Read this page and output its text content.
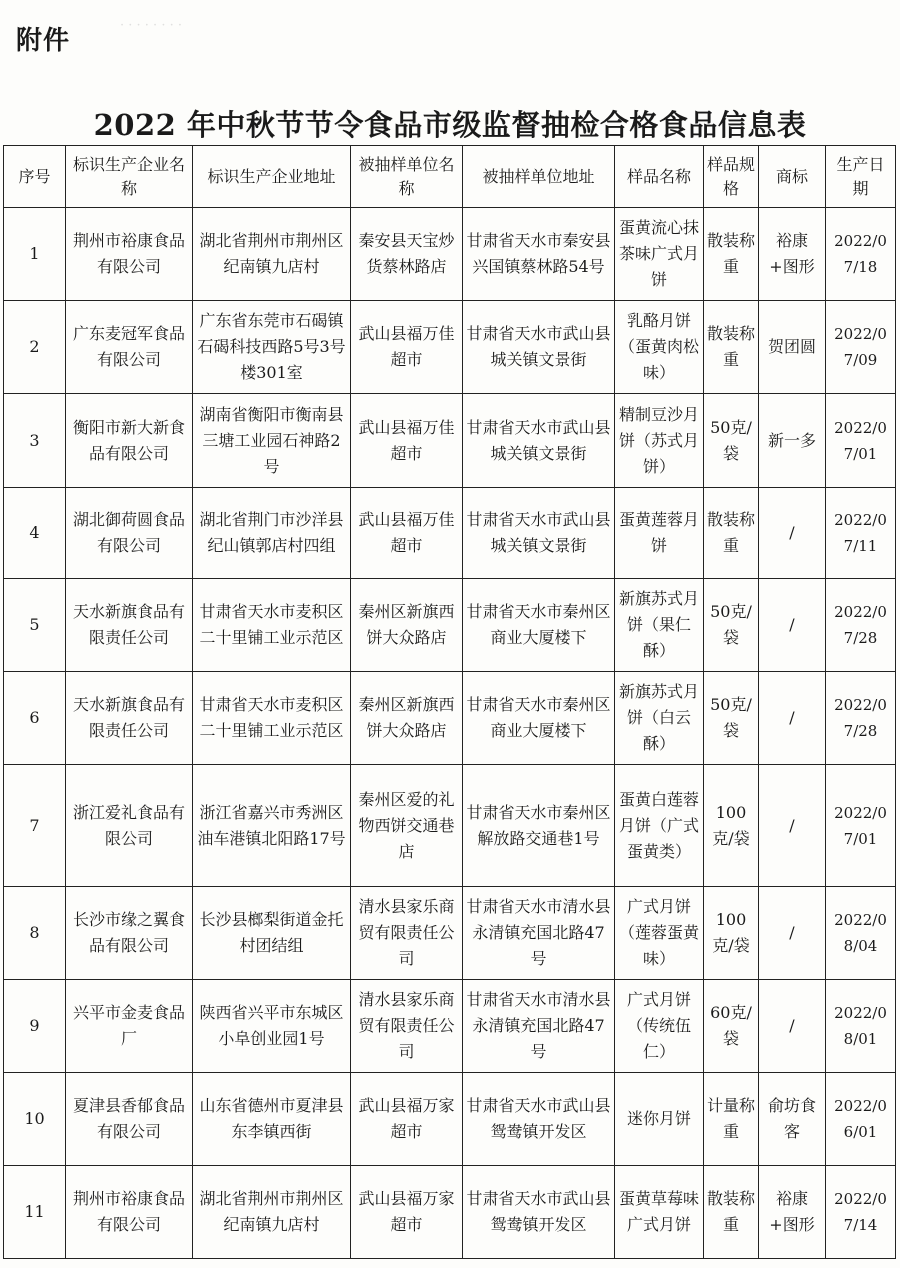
· · · · · · · ·
附件
2022 年中秋节节令食品市级监督抽检合格食品信息表
序号	标识生产企业名称	标识生产企业地址	被抽样单位名称	被抽样单位地址	样品名称	样品规格	商标	生产日期
1	荆州市裕康食品有限公司	湖北省荆州市荆州区纪南镇九店村	秦安县天宝炒货蔡林路店	甘肃省天水市秦安县兴国镇蔡林路54号	蛋黄流心抹茶味广式月饼	散装称重	裕康+图形	2022/07/18
2	广东麦冠军食品有限公司	广东省东莞市石碣镇石碣科技西路5号3号楼301室	武山县福万佳超市	甘肃省天水市武山县城关镇文景街	乳酪月饼（蛋黄肉松味）	散装称重	贺团圆	2022/07/09
3	衡阳市新大新食品有限公司	湖南省衡阳市衡南县三塘工业园石神路2号	武山县福万佳超市	甘肃省天水市武山县城关镇文景街	精制豆沙月饼（苏式月饼）	50克/袋	新一多	2022/07/01
4	湖北御荷圆食品有限公司	湖北省荆门市沙洋县纪山镇郭店村四组	武山县福万佳超市	甘肃省天水市武山县城关镇文景街	蛋黄莲蓉月饼	散装称重	/	2022/07/11
5	天水新旗食品有限责任公司	甘肃省天水市麦积区二十里铺工业示范区	秦州区新旗西饼大众路店	甘肃省天水市秦州区商业大厦楼下	新旗苏式月饼（果仁酥）	50克/袋	/	2022/07/28
6	天水新旗食品有限责任公司	甘肃省天水市麦积区二十里铺工业示范区	秦州区新旗西饼大众路店	甘肃省天水市秦州区商业大厦楼下	新旗苏式月饼（白云酥）	50克/袋	/	2022/07/28
7	浙江爱礼食品有限公司	浙江省嘉兴市秀洲区油车港镇北阳路17号	秦州区爱的礼物西饼交通巷店	甘肃省天水市秦州区解放路交通巷1号	蛋黄白莲蓉月饼（广式蛋黄类）	100克/袋	/	2022/07/01
8	长沙市缘之翼食品有限公司	长沙县榔梨街道金托村团结组	清水县家乐商贸有限责任公司	甘肃省天水市清水县永清镇充国北路47号	广式月饼（莲蓉蛋黄味）	100克/袋	/	2022/08/04
9	兴平市金麦食品厂	陕西省兴平市东城区小阜创业园1号	清水县家乐商贸有限责任公司	甘肃省天水市清水县永清镇充国北路47号	广式月饼（传统伍仁）	60克/袋	/	2022/08/01
10	夏津县香郁食品有限公司	山东省德州市夏津县东李镇西街	武山县福万家超市	甘肃省天水市武山县鸳鸯镇开发区	迷你月饼	计量称重	俞坊食客	2022/06/01
11	荆州市裕康食品有限公司	湖北省荆州市荆州区纪南镇九店村	武山县福万家超市	甘肃省天水市武山县鸳鸯镇开发区	蛋黄草莓味广式月饼	散装称重	裕康+图形	2022/07/14
